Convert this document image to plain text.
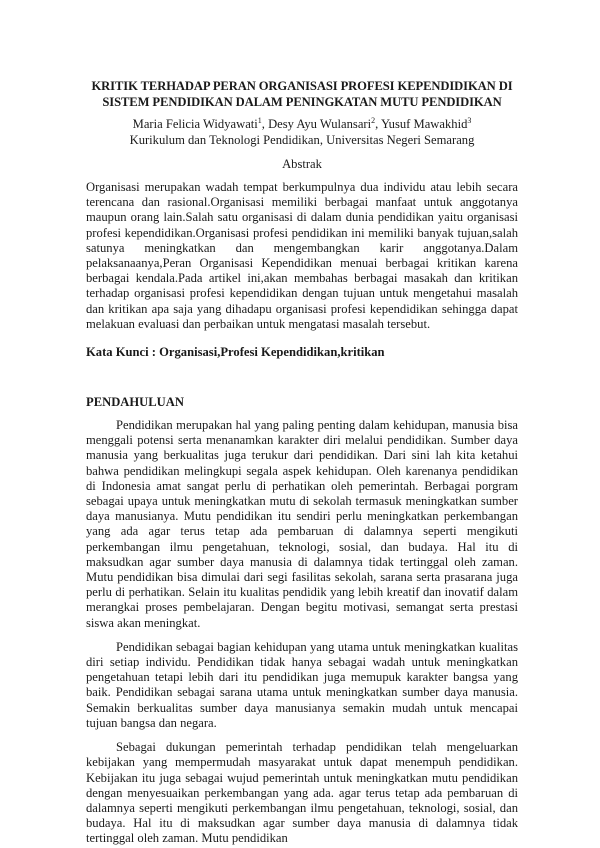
KRITIK TERHADAP PERAN ORGANISASI PROFESI KEPENDIDIKAN DI
SISTEM PENDIDIKAN DALAM PENINGKATAN MUTU PENDIDIKAN

Maria Felicia Widyawati$^1$, Desy Ayu Wulansari$^2$, Yusuf Mawakhid$^3$

Kurikulum dan Teknologi Pendidikan, Universitas Negeri Semarang

Abstrak

Organisasi merupakan wadah tempat berkumpulnya dua individu atau lebih secara terencana dan rasional.Organisasi memiliki berbagai manfaat untuk anggotanya maupun orang lain.Salah satu organisasi di dalam dunia pendidikan yaitu organisasi profesi kependidikan.Organisasi profesi pendidikan ini memiliki banyak tujuan,salah satunya meningkatkan dan mengembangkan karir anggotanya.Dalam pelaksanaanya,Peran Organisasi Kependidikan menuai berbagai kritikan karena berbagai kendala.Pada artikel ini,akan membahas berbagai masakah dan kritikan terhadap organisasi profesi kependidikan dengan tujuan untuk mengetahui masalah dan kritikan apa saja yang dihadapu organisasi profesi kependidikan sehingga dapat melakuan evaluasi dan perbaikan untuk mengatasi masalah tersebut.

Kata Kunci : Organisasi,Profesi Kependidikan,kritikan

PENDAHULUAN

Pendidikan merupakan hal yang paling penting dalam kehidupan, manusia bisa menggali potensi serta menanamkan karakter diri melalui pendidikan. Sumber daya manusia yang berkualitas juga terukur dari pendidikan. Dari sini lah kita ketahui bahwa pendidikan melingkupi segala aspek kehidupan. Oleh karenanya pendidikan di Indonesia amat sangat perlu di perhatikan oleh pemerintah. Berbagai porgram sebagai upaya untuk meningkatkan mutu di sekolah termasuk meningkatkan sumber daya manusianya. Mutu pendidikan itu sendiri perlu meningkatkan perkembangan yang ada agar terus tetap ada pembaruan di dalamnya seperti mengikuti perkembangan ilmu pengetahuan, teknologi, sosial, dan budaya. Hal itu di maksudkan agar sumber daya manusia di dalamnya tidak tertinggal oleh zaman. Mutu pendidikan bisa dimulai dari segi fasilitas sekolah, sarana serta prasarana juga perlu di perhatikan. Selain itu kualitas pendidik yang lebih kreatif dan inovatif dalam merangkai proses pembelajaran. Dengan begitu motivasi, semangat serta prestasi siswa akan meningkat.

Pendidikan sebagai bagian kehidupan yang utama untuk meningkatkan kualitas diri setiap individu. Pendidikan tidak hanya sebagai wadah untuk meningkatkan pengetahuan tetapi lebih dari itu pendidikan juga memupuk karakter bangsa yang baik. Pendidikan sebagai sarana utama untuk meningkatkan sumber daya manusia. Semakin berkualitas sumber daya manusianya semakin mudah untuk mencapai tujuan bangsa dan negara.

Sebagai dukungan pemerintah terhadap pendidikan telah mengeluarkan kebijakan yang mempermudah masyarakat untuk dapat menempuh pendidikan. Kebijakan itu juga sebagai wujud pemerintah untuk meningkatkan mutu pendidikan dengan menyesuaikan perkembangan yang ada. agar terus tetap ada pembaruan di dalamnya seperti mengikuti perkembangan ilmu pengetahuan, teknologi, sosial, dan budaya. Hal itu di maksudkan agar sumber daya manusia di dalamnya tidak tertinggal oleh zaman. Mutu pendidikan
